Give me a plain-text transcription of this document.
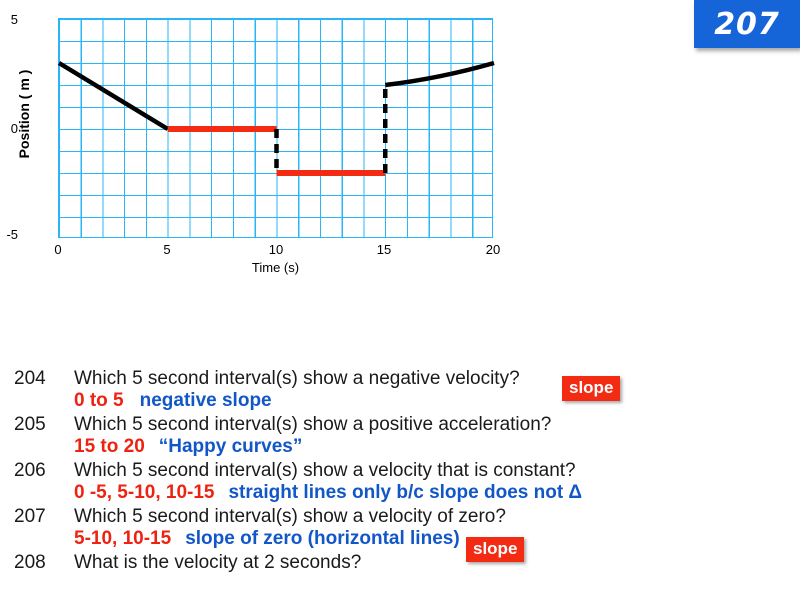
207
Position ( m )
5
0
-5
0	5	10	15	20
Time (s)
204	Which 5 second interval(s) show a negative velocity?
0 to 5 negative slope
205	Which 5 second interval(s) show a positive acceleration?
15 to 20 “Happy curves”
206	Which 5 second interval(s) show a velocity that is constant?
0 -5, 5-10, 10-15 straight lines only b/c slope does not Δ
207	Which 5 second interval(s) show a velocity of zero?
5-10, 10-15 slope of zero (horizontal lines)
208	What is the velocity at 2 seconds?
slope
slope
